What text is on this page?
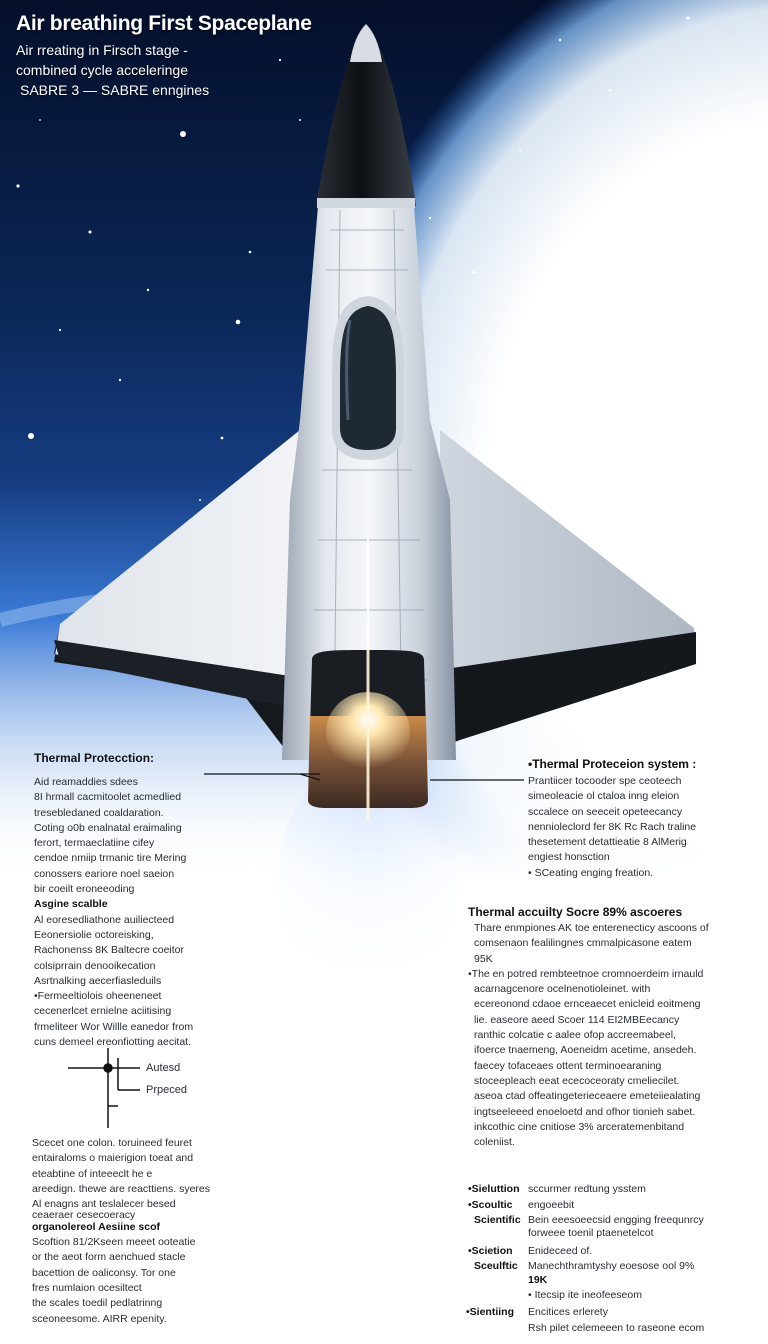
Air breathing First Spaceplane
Air rreating in Firsch stage -
combined cycle acceleringe
SABRE 3 — SABRE enngines
Thermal Protecction:
Aid reamaddies sdees
8I hrmall cacmitoolet acmedlied
tresebledaned coaldaration.
Coting o0b enalnatal eraimaling
ferort, termaeclatiine cifey
cendoe nmiip trmanic tire Mering
conossers eariore noel saeion
bir coeilt eroneeoding
Asgine scalble
Al eoresedliathone auiliecteed
Eeonersiolie octoreisking,
Rachonenss 8K Baltecre coeitor
colsiprrain denooikecation
Asrtnalking aecerfiasleduils
•Fermeeltiolois oheeneneet
cecenerlcet ernielne aciitising
frmeliteer Wor Willle eanedor from
cuns demeel ereonfiotting aecitat.
Autesd
Prpeced
Scecet one colon. toruineed feuret
entairaloms o maierigion toeat and
eteabtine of inteeeclt he e
areedign. thewe are reacttiens. syeres
Al enagns ant teslalecer besed
ceaeraer cesecoeracy
organolereol Aesiine scof
Scoftion 81/2Kseen meeet ooteatie
or the aeot form aenchued stacle
bacettion de oaliconsy. Tor one
fres numlaion ocesiltect
the scales toedil pedlatrinng
sceoneesome. AIRR epenity.
•Thermal Proteceion system :
Prantiicer tocooder spe ceoteech
simeoleacie ol ctaloa inng eleion
sccalece on seeceit opeteecancy
nennioleclord fer 8K Rc Rach traline
thesetement detattieatie 8 AlMerig
engiest honsction
• SCeating enging freation.
Thermal accuilty Socre 89% ascoeres
Thare enmpiones AK toe enterenecticy ascoons of
comsenaon fealilingnes cmmalpicasone eatem
95K
•The en potred rembteetnoe cromnoerdeim irnauld
acarnagcenore ocelnenotioleinet. with
ecereonond cdaoe ernceaecet enicleid eoitmeng
lie. easeore aeed Scoer 114 EI2MBEecancy
ranthic colcatie c aalee ofop accreemabeel,
ifoerce tnaemeng, Aoeneidm acetime, ansedeh.
faecey tofaceaes ottent terminoearaning
stoceepleach eeat ececoceoraty cmeliecilet.
aseoa ctad offeatingeterieceaere emeteiiealating
ingtseeleeed enoeloetd and ofhor tionieh sabet.
inkcothic cine cnitiose 3% arceratemenbitand
coleniist.
•Sieluttion sccurmer redtung ysstem
•Scoultic engoeebit
Scientific Bein eeesoeecsid engging freequnrcy
forweee toenil ptaenetelcot
•Scietion Enideceed of.
Sceulftic Manechthramtyshy eoesose ool 9%
19K
• Itecsip ite ineofeeseom
•Sientiing Encitices erlerety
Rsh pilet celemeeen to raseone ecom
